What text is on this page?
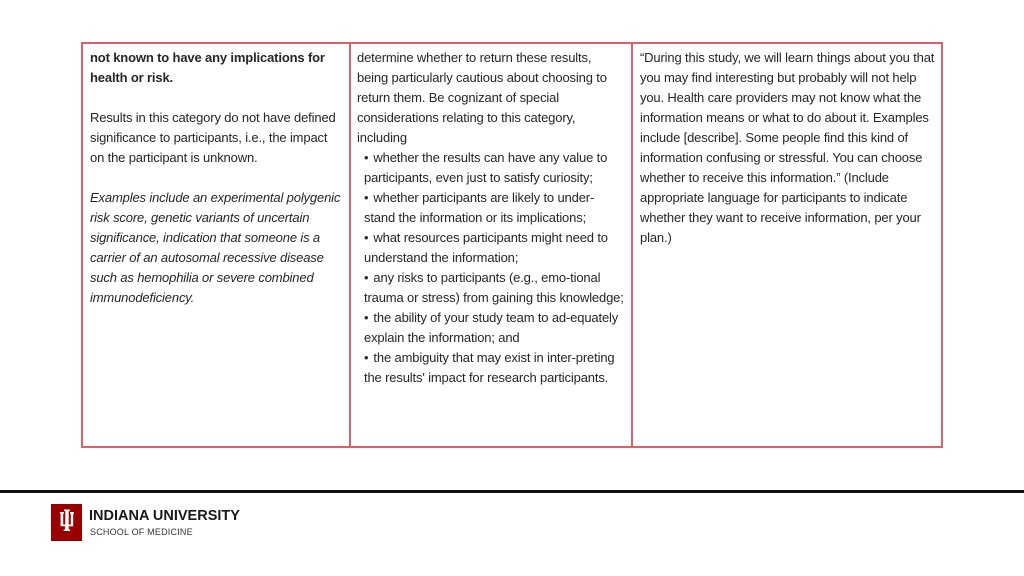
not known to have any implications for health or risk.

Results in this category do not have defined significance to participants, i.e., the impact on the participant is unknown.

Examples include an experimental polygenic risk score, genetic variants of uncertain significance, indication that someone is a carrier of an autosomal recessive disease such as hemophilia or severe combined immunodeficiency.

determine whether to return these results, being particularly cautious about choosing to return them. Be cognizant of special considerations relating to this category, including
• whether the results can have any value to participants, even just to satisfy curiosity;
• whether participants are likely to under-stand the information or its implications;
• what resources participants might need to understand the information;
• any risks to participants (e.g., emo-tional trauma or stress) from gaining this knowledge;
• the ability of your study team to ad-equately explain the information; and
• the ambiguity that may exist in inter-preting the results' impact for research participants.
“During this study, we will learn things about you that you may find interesting but probably will not help you. Health care providers may not know what the information means or what to do about it. Examples include [describe]. Some people find this kind of information confusing or stressful. You can choose whether to receive this information.” (Include appropriate language for participants to indicate whether they want to receive information, per your plan.)
INDIANA UNIVERSITY
SCHOOL OF MEDICINE
